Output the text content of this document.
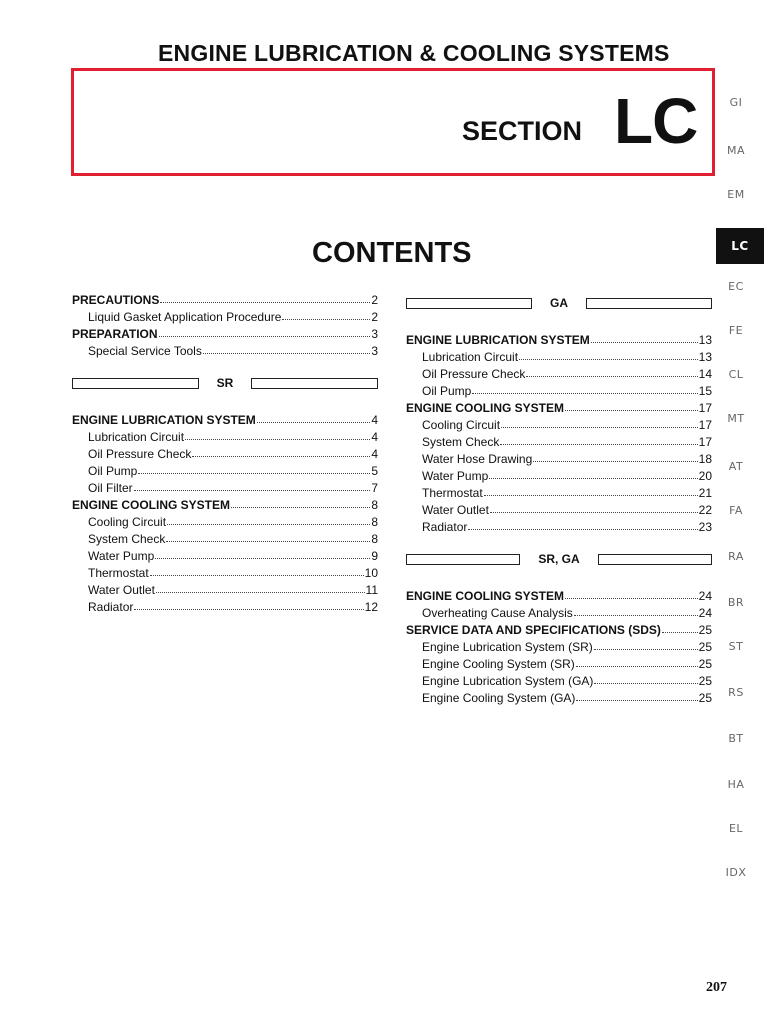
ENGINE LUBRICATION & COOLING SYSTEMS
SECTION LC
CONTENTS
PRECAUTIONS	2
Liquid Gasket Application Procedure	2
PREPARATION	3
Special Service Tools	3
SR
ENGINE LUBRICATION SYSTEM	4
Lubrication Circuit	4
Oil Pressure Check	4
Oil Pump	5
Oil Filter	7
ENGINE COOLING SYSTEM	8
Cooling Circuit	8
System Check	8
Water Pump	9
Thermostat	10
Water Outlet	11
Radiator	12
GA
ENGINE LUBRICATION SYSTEM	13
Lubrication Circuit	13
Oil Pressure Check	14
Oil Pump	15
ENGINE COOLING SYSTEM	17
Cooling Circuit	17
System Check	17
Water Hose Drawing	18
Water Pump	20
Thermostat	21
Water Outlet	22
Radiator	23
SR, GA
ENGINE COOLING SYSTEM	24
Overheating Cause Analysis	24
SERVICE DATA AND SPECIFICATIONS (SDS)	25
Engine Lubrication System (SR)	25
Engine Cooling System (SR)	25
Engine Lubrication System (GA)	25
Engine Cooling System (GA)	25
GI
MA
EM
LC
EC
FE
CL
MT
AT
FA
RA
BR
ST
RS
BT
HA
EL
IDX
207
